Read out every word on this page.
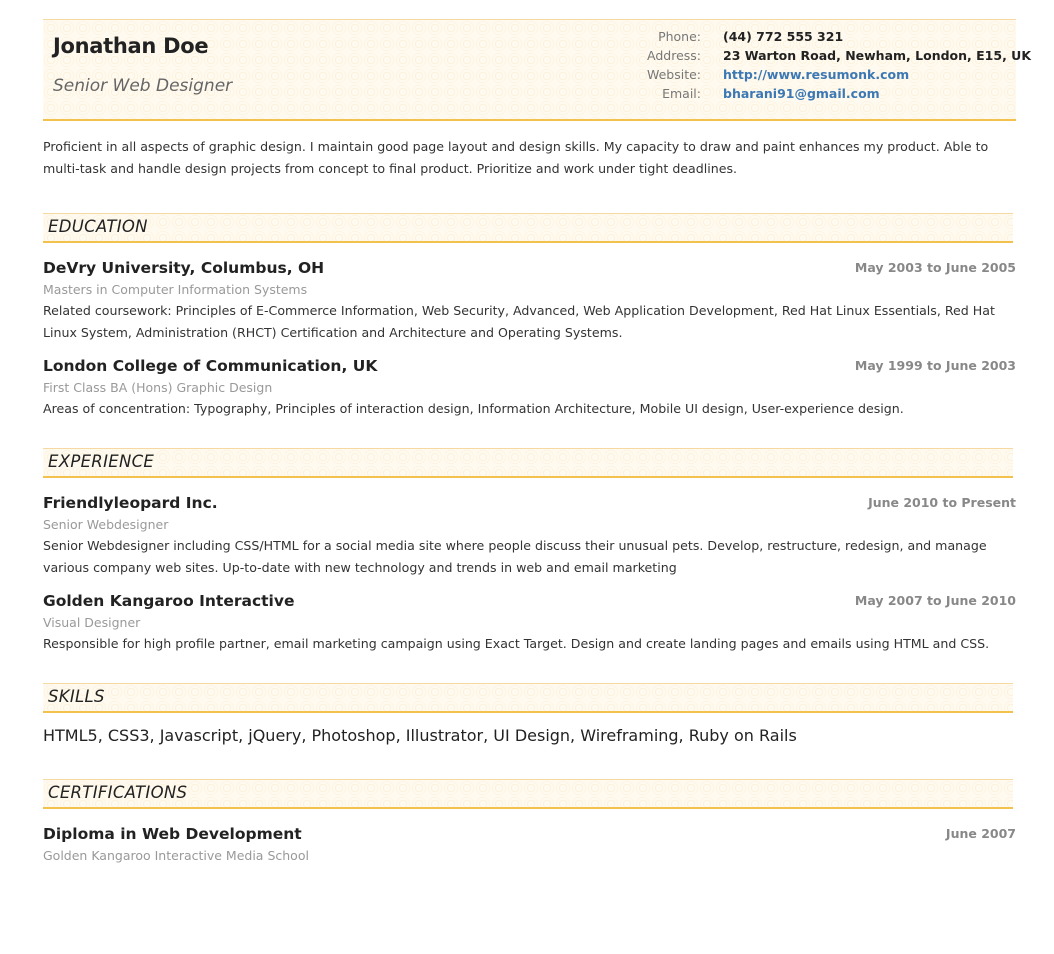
Jonathan Doe
Senior Web Designer
Phone: (44) 772 555 321
Address: 23 Warton Road, Newham, London, E15, UK
Website: http://www.resumonk.com
Email: bharani91@gmail.com
Proficient in all aspects of graphic design. I maintain good page layout and design skills. My capacity to draw and paint enhances my product. Able to multi-task and handle design projects from concept to final product. Prioritize and work under tight deadlines.
EDUCATION
DeVry University, Columbus, OH	May 2003 to June 2005
Masters in Computer Information Systems
Related coursework: Principles of E-Commerce Information, Web Security, Advanced, Web Application Development, Red Hat Linux Essentials, Red Hat Linux System, Administration (RHCT) Certification and Architecture and Operating Systems.
London College of Communication, UK	May 1999 to June 2003
First Class BA (Hons) Graphic Design
Areas of concentration: Typography, Principles of interaction design, Information Architecture, Mobile UI design, User-experience design.
EXPERIENCE
Friendlyleopard Inc.	June 2010 to Present
Senior Webdesigner
Senior Webdesigner including CSS/HTML for a social media site where people discuss their unusual pets. Develop, restructure, redesign, and manage various company web sites. Up-to-date with new technology and trends in web and email marketing
Golden Kangaroo Interactive	May 2007 to June 2010
Visual Designer
Responsible for high profile partner, email marketing campaign using Exact Target. Design and create landing pages and emails using HTML and CSS.
SKILLS
HTML5, CSS3, Javascript, jQuery, Photoshop, Illustrator, UI Design, Wireframing, Ruby on Rails
CERTIFICATIONS
Diploma in Web Development	June 2007
Golden Kangaroo Interactive Media School
